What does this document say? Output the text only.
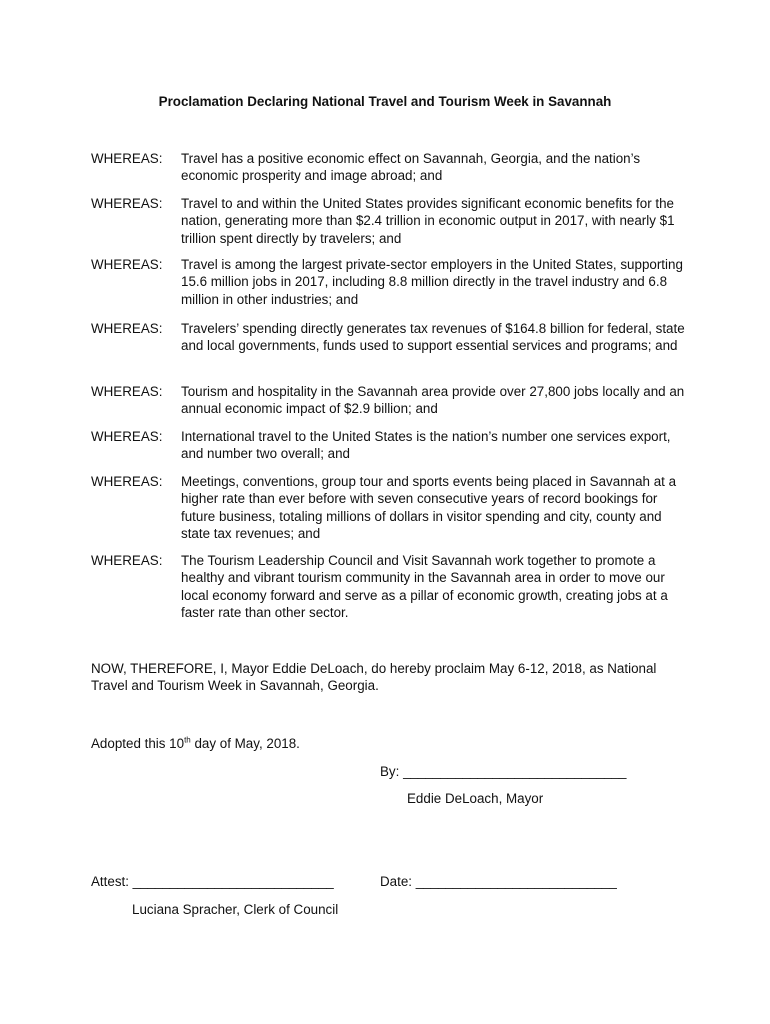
Proclamation Declaring National Travel and Tourism Week in Savannah
WHEREAS:	Travel has a positive economic effect on Savannah, Georgia, and the nation’s economic prosperity and image abroad; and
WHEREAS:	Travel to and within the United States provides significant economic benefits for the nation, generating more than $2.4 trillion in economic output in 2017, with nearly $1 trillion spent directly by travelers; and
WHEREAS:	Travel is among the largest private-sector employers in the United States, supporting 15.6 million jobs in 2017, including 8.8 million directly in the travel industry and 6.8 million in other industries; and
WHEREAS:	Travelers’ spending directly generates tax revenues of $164.8 billion for federal, state and local governments, funds used to support essential services and programs; and
WHEREAS:	Tourism and hospitality in the Savannah area provide over 27,800 jobs locally and an annual economic impact of $2.9 billion; and
WHEREAS:	International travel to the United States is the nation’s number one services export, and number two overall; and
WHEREAS:	Meetings, conventions, group tour and sports events being placed in Savannah at a higher rate than ever before with seven consecutive years of record bookings for future business, totaling millions of dollars in visitor spending and city, county and state tax revenues; and
WHEREAS:	The Tourism Leadership Council and Visit Savannah work together to promote a healthy and vibrant tourism community in the Savannah area in order to move our local economy forward and serve as a pillar of economic growth, creating jobs at a faster rate than other sector.
NOW, THEREFORE, I, Mayor Eddie DeLoach, do hereby proclaim May 6-12, 2018, as National Travel and Tourism Week in Savannah, Georgia.
Adopted this 10th day of May, 2018.
By: ______________________________
Eddie DeLoach, Mayor
Attest: ___________________________	Date: ___________________________
Luciana Spracher, Clerk of Council
